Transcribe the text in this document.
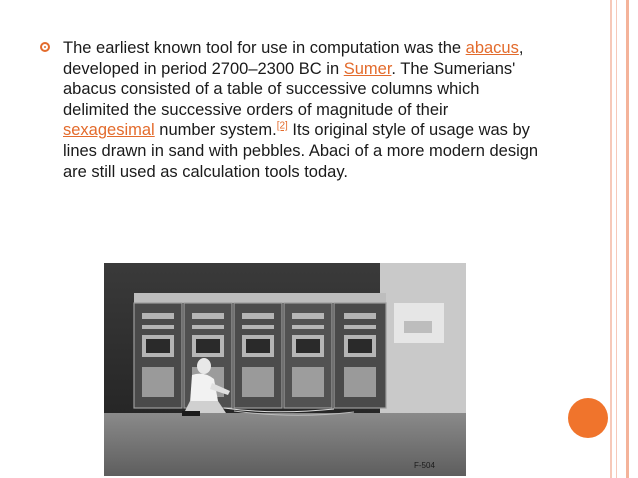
The earliest known tool for use in computation was the abacus, developed in period 2700–2300 BC in Sumer. The Sumerians' abacus consisted of a table of successive columns which delimited the successive orders of magnitude of their sexagesimal number system.[2] Its original style of usage was by lines drawn in sand with pebbles. Abaci of a more modern design are still used as calculation tools today.
F-504
